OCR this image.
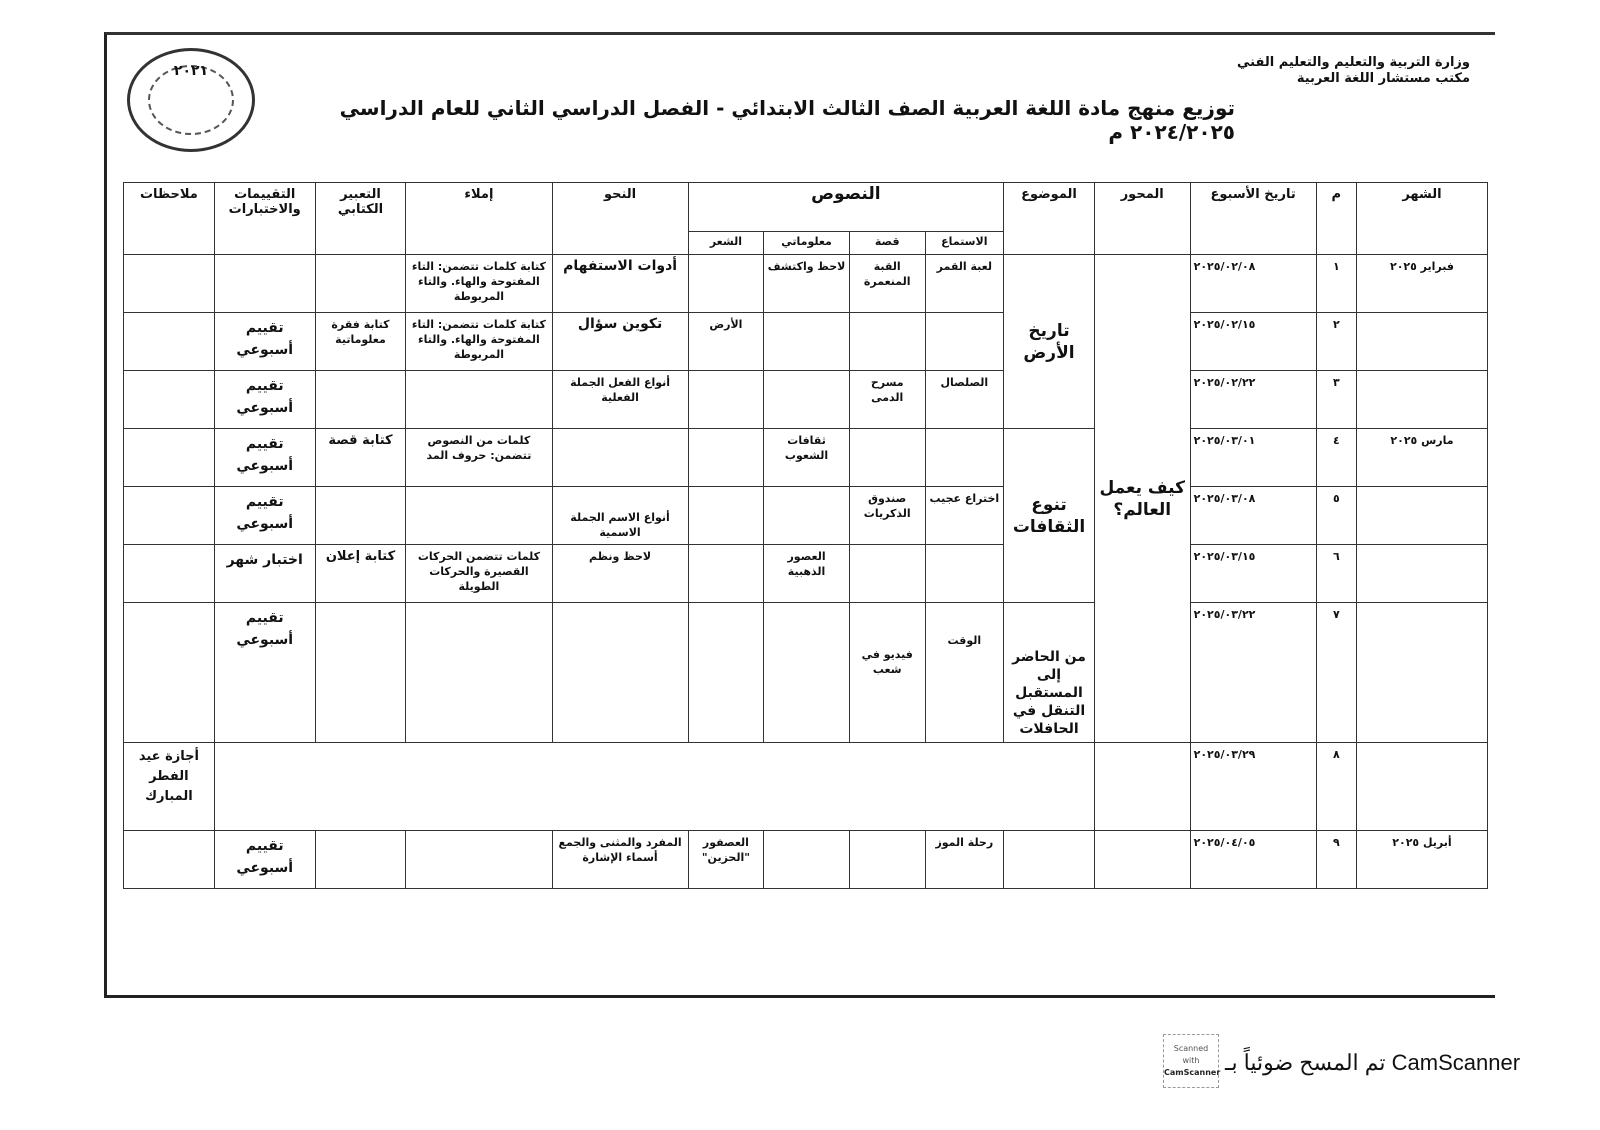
٢٠٢١
وزارة التربية والتعليم والتعليم الفني
مكتب مستشار اللغة العربية
توزيع منهج مادة اللغة العربية الصف الثالث الابتدائي - الفصل الدراسي الثاني للعام الدراسي ٢٠٢٤/٢٠٢٥ م
الشهر	م	تاريخ الأسبوع	المحور	الموضوع	النصوص				النحو	إملاء	التعبير الكتابي	التقييمات والاختبارات	ملاحظات
					الاستماع	قصة	معلوماتي	الشعر					
فبراير ٢٠٢٥	١	٢٠٢٥/٠٢/٠٨	كيف يعمل العالم؟	تاريخ الأرض	لعبة القمر	القبة المنعمرة	لاحظ واكتشف		أدوات الاستفهام	كتابة كلمات تتضمن: التاء المفتوحة والهاء. والتاء المربوطة			
	٢	٢٠٢٥/٠٢/١٥						الأرض	تكوين سؤال	كتابة كلمات تتضمن: التاء المفتوحة والهاء. والتاء المربوطة	كتابة فقرة معلوماتية	تقييم أسبوعي	
	٣	٢٠٢٥/٠٢/٢٢			الصلصال	مسرح الدمى			أنواع الفعل الجملة الفعلية			تقييم أسبوعي	
مارس ٢٠٢٥	٤	٢٠٢٥/٠٣/٠١		تنوع الثقافات			ثقافات الشعوب			كلمات من النصوص تتضمن: حروف المد	كتابة قصة	تقييم أسبوعي	
	٥	٢٠٢٥/٠٣/٠٨			اختراع عجيب	صندوق الذكريات			أنواع الاسم الجملة الاسمية			تقييم أسبوعي	
	٦	٢٠٢٥/٠٣/١٥					العصور الذهبية		لاحظ ونظم	كلمات تتضمن الحركات القصيرة والحركات الطويلة	كتابة إعلان	اختبار شهر	
	٧	٢٠٢٥/٠٣/٢٢		من الحاضر إلى المستقبل التنقل في الحافلات	الوقت	فيديو في شعب						تقييم أسبوعي	
	٨	٢٠٢٥/٠٣/٢٩											أجازة عيد الفطر المبارك
أبريل ٢٠٢٥	٩	٢٠٢٥/٠٤/٠٥			رحلة الموز			العصفور "الحزين"	المفرد والمثنى والجمع أسماء الإشارة			تقييم أسبوعي	
Scanned with
CamScanner CamScanner تم المسح ضوئياً بـ
